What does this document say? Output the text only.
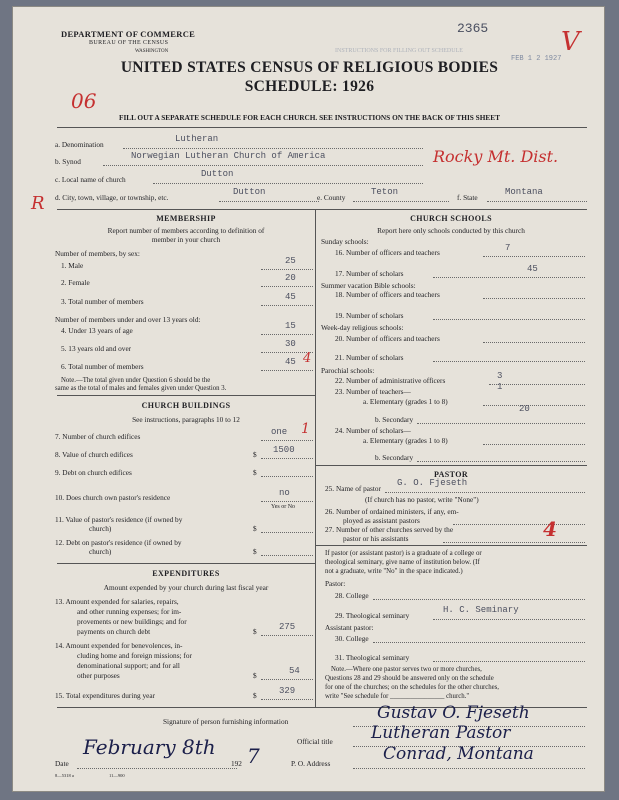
DEPARTMENT OF COMMERCE
BUREAU OF THE CENSUS
WASHINGTON
2365	V
INSTRUCTIONS FOR FILLING OUT SCHEDULE
FEB 1 2 1927
UNITED STATES CENSUS OF RELIGIOUS BODIES
SCHEDULE: 1926
06
FILL OUT A SEPARATE SCHEDULE FOR EACH CHURCH. SEE INSTRUCTIONS ON THE BACK OF THIS SHEET
a. Denomination
Lutheran
b. Synod
Norwegian Lutheran Church of America	Rocky Mt. Dist.
c. Local name of church
Dutton
R d. City, town, village, or township, etc.
Dutton
e. County
Teton
f. State
Montana
MEMBERSHIP
Report number of members according to definition of
member in your church
Number of members, by sex:
1. Male	25
2. Female	20
3. Total number of members	45
Number of members under and over 13 years old:
4. Under 13 years of age	15
5. 13 years old and over	30
6. Total number of members	45 4
Note.—The total given under Question 6 should be the
same as the total of males and females given under Question 3.
CHURCH BUILDINGS
See instructions, paragraphs 10 to 12
7. Number of church edifices	one 1
8. Value of church edifices	$ 1500
9. Debt on church edifices	$
10. Does church own pastor's residence	no
Yes or No
11. Value of pastor's residence (if owned by
church)	$
12. Debt on pastor's residence (if owned by
church)	$
EXPENDITURES
Amount expended by your church during last fiscal year
13. Amount expended for salaries, repairs,
and other running expenses; for im-
provements or new buildings; and for
payments on church debt	$ 275
14. Amount expended for benevolences, in-
cluding home and foreign missions; for
denominational support; and for all
other purposes	$	54
15. Total expenditures during year	$ 329
CHURCH SCHOOLS
Report here only schools conducted by this church
Sunday schools:
16. Number of officers and teachers	7
17. Number of scholars	45
Summer vacation Bible schools:
18. Number of officers and teachers
19. Number of scholars
Week-day religious schools:
20. Number of officers and teachers
21. Number of scholars
Parochial schools:
22. Number of administrative officers	3
23. Number of teachers—	1
a. Elementary (grades 1 to 8)
b. Secondary
20
24. Number of scholars—
a. Elementary (grades 1 to 8)
b. Secondary
PASTOR
25. Name of pastor
G. O. Fjeseth
(If church has no pastor, write "None")
26. Number of ordained ministers, if any, em-
ployed as assistant pastors
27. Number of other churches served by the
pastor or his assistants	4
If pastor (or assistant pastor) is a graduate of a college or
theological seminary, give name of institution below. (If
not a graduate, write "No" in the space indicated.)
Pastor:
28. College
29. Theological seminary
H. C. Seminary
Assistant pastor:
30. College
31. Theological seminary
Note.—Where one pastor serves two or more churches,
Questions 28 and 29 should be answered only on the schedule
for one of the churches; on the schedules for the other churches,
write "See schedule for ________________ church."
Signature of person furnishing information	Gustav O. Fjeseth
Official title Lutheran Pastor
Date
February 8th
192 7	P. O. Address	Conrad, Montana
8—5318 a	11—900
